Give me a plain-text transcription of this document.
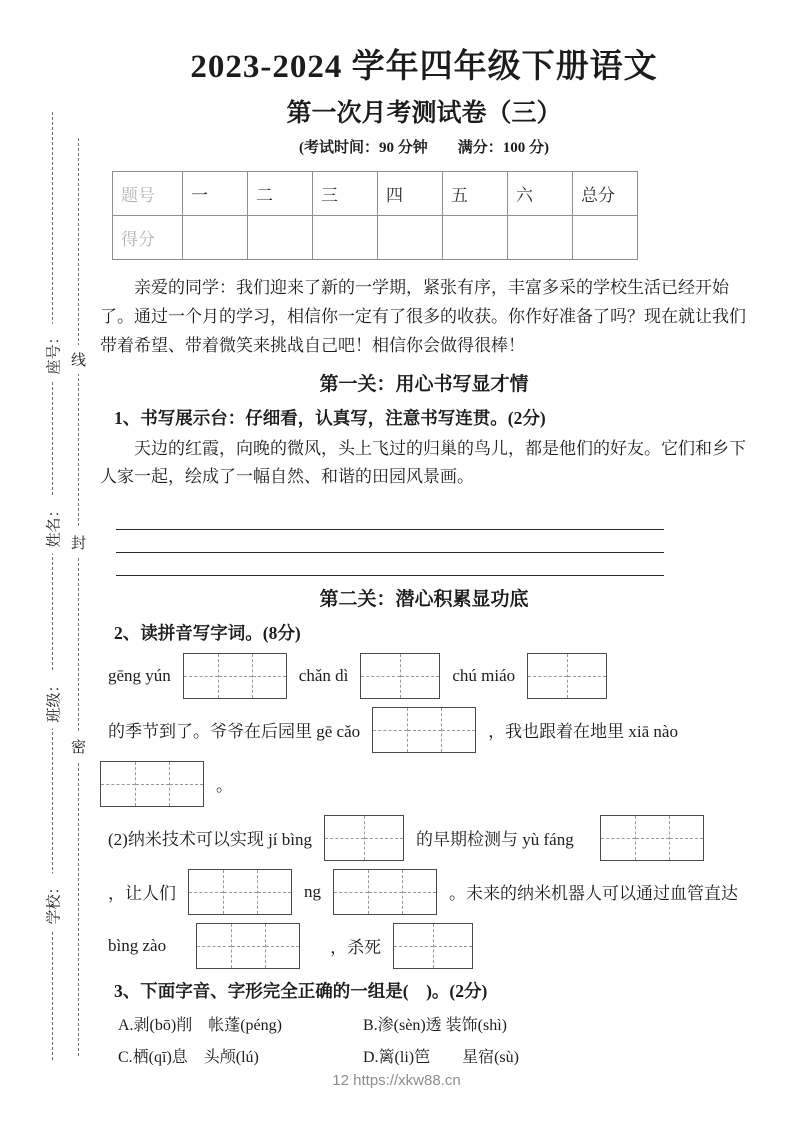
座号：
姓名：
班级：
学校：
线
封
密
2023-2024 学年四年级下册语文
第一次月考测试卷（三）
(考试时间：90 分钟　　满分：100 分)
题号	一	二	三	四	五	六	总分
得分							
亲爱的同学：我们迎来了新的一学期，紧张有序，丰富多采的学校生活已经开始了。通过一个月的学习，相信你一定有了很多的收获。你作好准备了吗？现在就让我们带着希望、带着微笑来挑战自己吧！相信你会做得很棒！
第一关：用心书写显才情
1、书写展示台：仔细看，认真写，注意书写连贯。(2分)
天边的红霞，向晚的微风，头上飞过的归巢的鸟儿，都是他们的好友。它们和乡下人家一起，绘成了一幅自然、和谐的田园风景画。
第二关：潜心积累显功底
2、读拼音写字词。(8分)
gēng yún	chǎn dì	chú miáo
的季节到了。爷爷在后园里 gē cǎo	，我也跟着在地里 xiā nào
。
(2)纳米技术可以实现 jí bìng	的早期检测与 yù fáng
，让人们	ng	。未来的纳米机器人可以通过血管直达
bìng zào	，杀死
3、下面字音、字形完全正确的一组是(　)。(2分)
A.剥(bō)削　帐蓬(péng)	B.渗(sèn)透 装饰(shì)
C.栖(qī)息　头颅(lú)	D.篱(li)笆　　星宿(sù)
12 https://xkw88.cn
